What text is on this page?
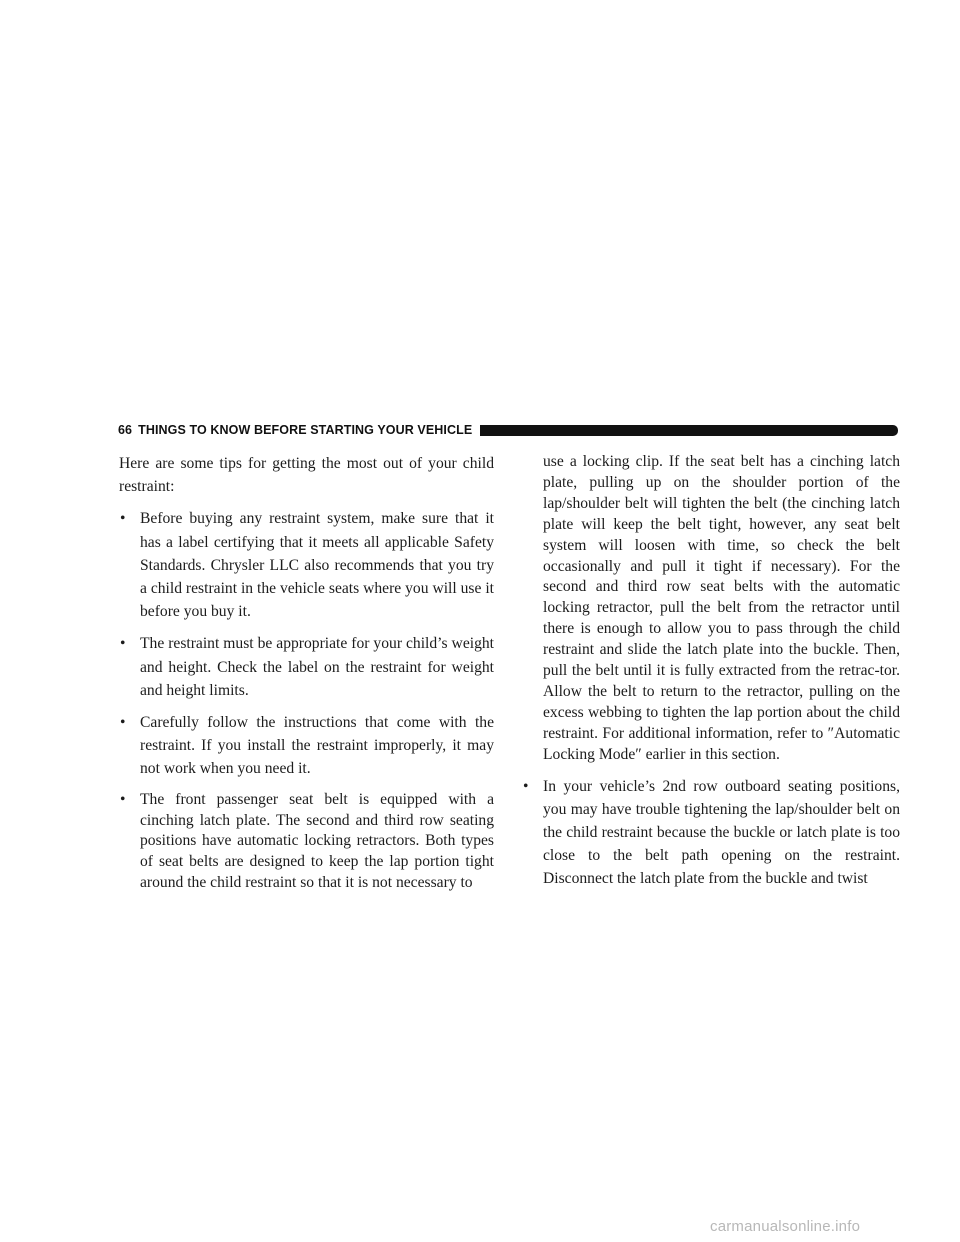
66 THINGS TO KNOW BEFORE STARTING YOUR VEHICLE

Here are some tips for getting the most out of your child restraint:

• Before buying any restraint system, make sure that it has a label certifying that it meets all applicable Safety Standards. Chrysler LLC also recommends that you try a child restraint in the vehicle seats where you will use it before you buy it.
• The restraint must be appropriate for your child’s weight and height. Check the label on the restraint for weight and height limits.
• Carefully follow the instructions that come with the restraint. If you install the restraint improperly, it may not work when you need it.
• The front passenger seat belt is equipped with a cinching latch plate. The second and third row seating positions have automatic locking retractors. Both types of seat belts are designed to keep the lap portion tight around the child restraint so that it is not necessary to

use a locking clip. If the seat belt has a cinching latch plate, pulling up on the shoulder portion of the lap/shoulder belt will tighten the belt (the cinching latch plate will keep the belt tight, however, any seat belt system will loosen with time, so check the belt occasionally and pull it tight if necessary). For the second and third row seat belts with the automatic locking retractor, pull the belt from the retractor until there is enough to allow you to pass through the child restraint and slide the latch plate into the buckle. Then, pull the belt until it is fully extracted from the retrac-tor. Allow the belt to return to the retractor, pulling on the excess webbing to tighten the lap portion about the child restraint. For additional information, refer to ″Automatic Locking Mode″ earlier in this section.

• In your vehicle’s 2nd row outboard seating positions, you may have trouble tightening the lap/shoulder belt on the child restraint because the buckle or latch plate is too close to the belt path opening on the restraint. Disconnect the latch plate from the buckle and twist
carmanualsonline.info
